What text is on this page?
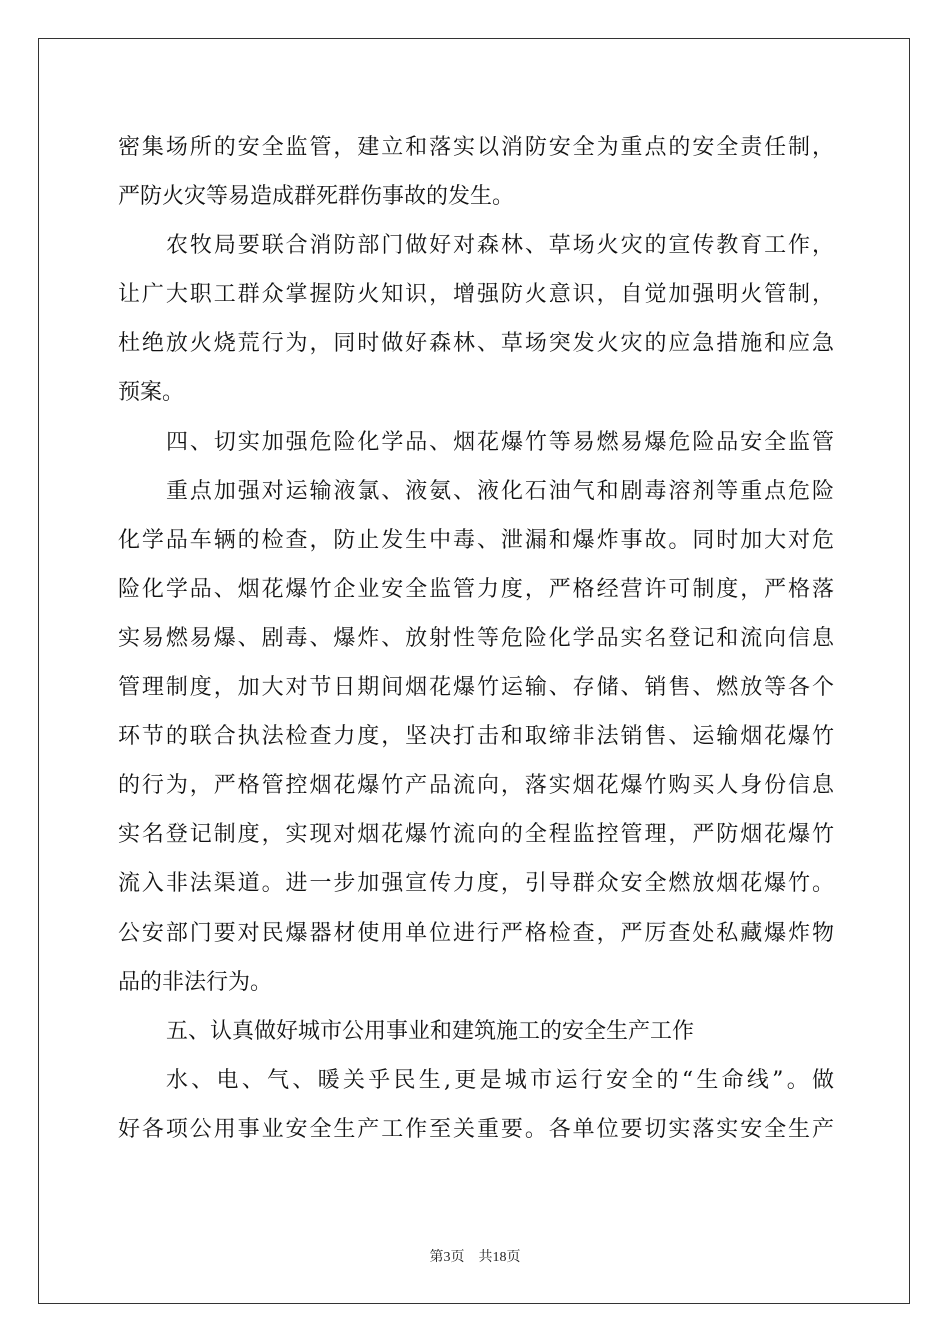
密集场所的安全监管，建立和落实以消防安全为重点的安全责任制，
严防火灾等易造成群死群伤事故的发生。
农牧局要联合消防部门做好对森林、草场火灾的宣传教育工作，
让广大职工群众掌握防火知识，增强防火意识，自觉加强明火管制，
杜绝放火烧荒行为，同时做好森林、草场突发火灾的应急措施和应急
预案。
四、切实加强危险化学品、烟花爆竹等易燃易爆危险品安全监管
重点加强对运输液氯、液氨、液化石油气和剧毒溶剂等重点危险
化学品车辆的检查，防止发生中毒、泄漏和爆炸事故。同时加大对危
险化学品、烟花爆竹企业安全监管力度，严格经营许可制度，严格落
实易燃易爆、剧毒、爆炸、放射性等危险化学品实名登记和流向信息
管理制度，加大对节日期间烟花爆竹运输、存储、销售、燃放等各个
环节的联合执法检查力度，坚决打击和取缔非法销售、运输烟花爆竹
的行为，严格管控烟花爆竹产品流向，落实烟花爆竹购买人身份信息
实名登记制度，实现对烟花爆竹流向的全程监控管理，严防烟花爆竹
流入非法渠道。进一步加强宣传力度，引导群众安全燃放烟花爆竹。
公安部门要对民爆器材使用单位进行严格检查，严厉查处私藏爆炸物
品的非法行为。
五、认真做好城市公用事业和建筑施工的安全生产工作
水、电、气、暖关乎民生,更是城市运行安全的“生命线”。做
好各项公用事业安全生产工作至关重要。各单位要切实落实安全生产
第3页 共18页
